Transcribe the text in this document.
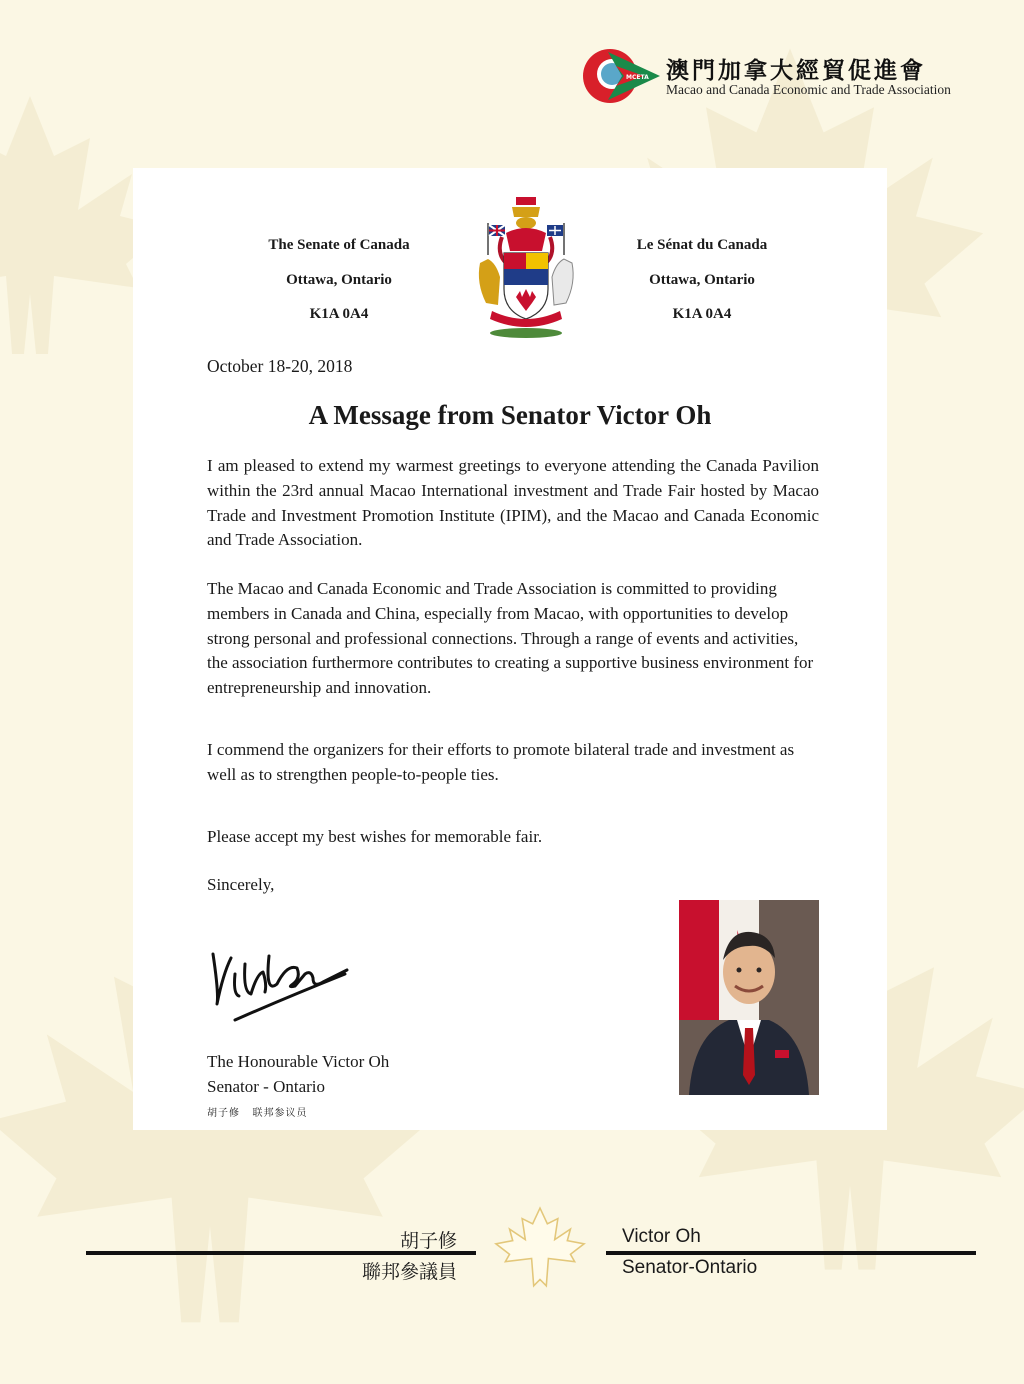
MCETA 澳門加拿大經貿促進會
Macao and Canada Economic and Trade Association
The Senate of Canada
Ottawa, Ontario
K1A 0A4
Le Sénat du Canada
Ottawa, Ontario
K1A 0A4
October 18-20, 2018
A Message from Senator Victor Oh
I am pleased to extend my warmest greetings to everyone attending the Canada Pavilion within the 23rd annual Macao International investment and Trade Fair hosted by Macao Trade and Investment Promotion Institute (IPIM), and the Macao and Canada Economic and Trade Association.
The Macao and Canada Economic and Trade Association is committed to providing members in Canada and China, especially from Macao, with opportunities to develop strong personal and professional connections. Through a range of events and activities, the association furthermore contributes to creating a supportive business environment for entrepreneurship and innovation.
I commend the organizers for their efforts to promote bilateral trade and investment as well as to strengthen people-to-people ties.
Please accept my best wishes for memorable fair.
Sincerely,
The Honourable Victor Oh
Senator - Ontario
胡子修   联邦参议员
胡子修
聯邦參議員
Victor Oh
Senator-Ontario
